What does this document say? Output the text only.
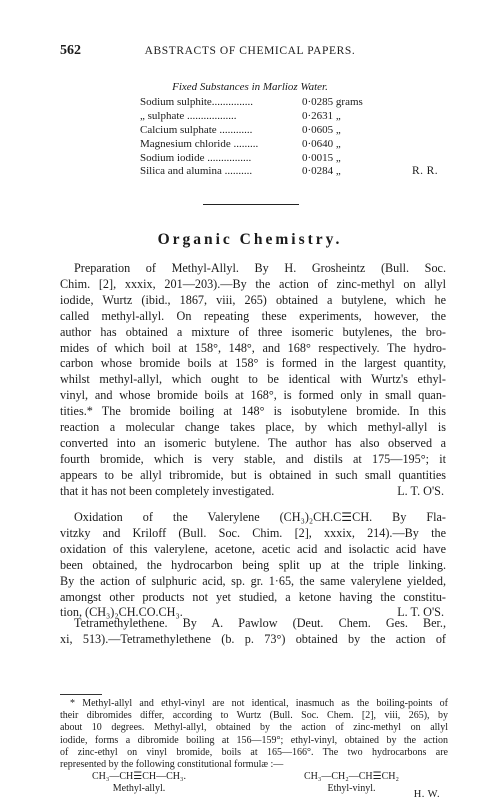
562	ABSTRACTS OF CHEMICAL PAPERS.
Fixed Substances in Marlioz Water.
Sodium sulphite...............	0·0285 grams
„ sulphate ..................	0·2631 „
Calcium sulphate ............	0·0605 „
Magnesium chloride .........	0·0640 „
Sodium iodide ................	0·0015 „
Silica and alumina ..........	0·0284 „	R. R.
Organic Chemistry.
Preparation of Methyl-Allyl. By H. Grosheintz (Bull. Soc.
Chim. [2], xxxix, 201—203).—By the action of zinc-methyl on allyl
iodide, Wurtz (ibid., 1867, viii, 265) obtained a butylene, which he
called methyl-allyl. On repeating these experiments, however, the
author has obtained a mixture of three isomeric butylenes, the bro-
mides of which boil at 158°, 148°, and 168° respectively. The hydro-
carbon whose bromide boils at 158° is formed in the largest quantity,
whilst methyl-allyl, which ought to be identical with Wurtz's ethyl-
vinyl, and whose bromide boils at 168°, is formed only in small quan-
tities.* The bromide boiling at 148° is isobutylene bromide. In this
reaction a molecular change takes place, by which methyl-allyl is
converted into an isomeric butylene. The author has also observed a
fourth bromide, which is very stable, and distils at 175—195°; it
appears to be allyl tribromide, but is obtained in such small quantities
that it has not been completely investigated.	L. T. O'S.
Oxidation of the Valerylene (CH₃)₂CH.C☰CH. By Fla-
vitzky and Kriloff (Bull. Soc. Chim. [2], xxxix, 214).—By the
oxidation of this valerylene, acetone, acetic acid and isolactic acid have
been obtained, the hydrocarbon being split up at the triple linking.
By the action of sulphuric acid, sp. gr. 1·65, the same valerylene yielded,
amongst other products not yet studied, a ketone having the constitu-
tion, (CH₃)₂CH.CO.CH₃.	L. T. O'S.
Tetramethylethene. By A. Pawlow (Deut. Chem. Ges. Ber.,
xi, 513).—Tetramethylethene (b. p. 73°) obtained by the action of
* Methyl-allyl and ethyl-vinyl are not identical, inasmuch as the boiling-points of
their dibromides differ, according to Wurtz (Bull. Soc. Chem. [2], viii, 265), by
about 10 degrees. Methyl-allyl, obtained by the action of zinc-methyl on allyl
iodide, forms a dibromide boiling at 156—159°; ethyl-vinyl, obtained by the action
of zinc-ethyl on vinyl bromide, boils at 165—166°. The two hydrocarbons are
represented by the following constitutional formulæ :—
CH₃—CH☰CH—CH₃.
Methyl-allyl.
CH₃—CH₂—CH☰CH₂
Ethyl-vinyl.
H. W.
